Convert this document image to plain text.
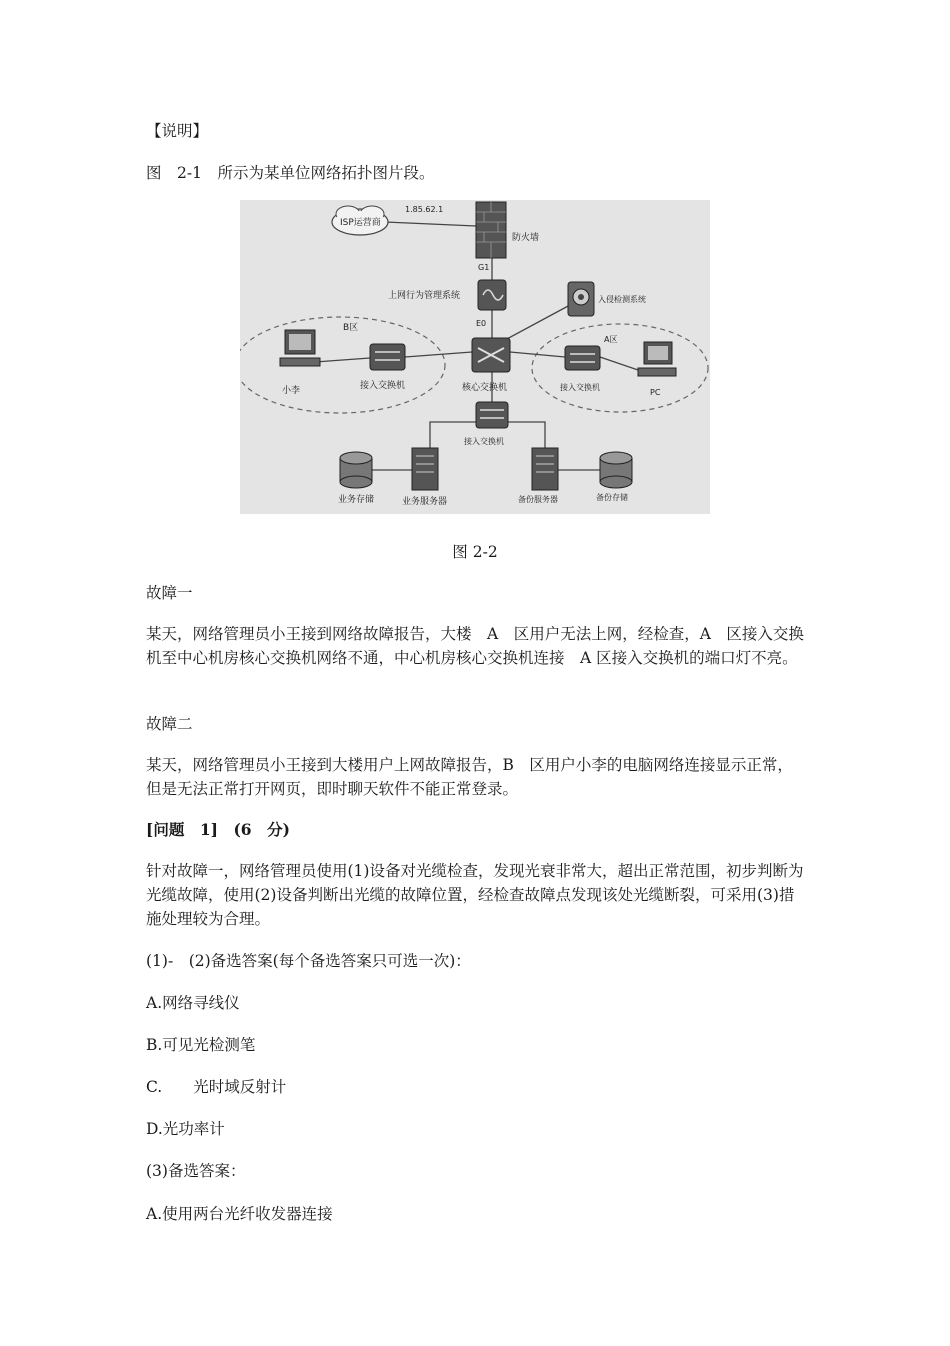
【说明】
图　2-1　所示为某单位网络拓扑图片段。
ISP运营商
1.85.62.1
防火墙
G1
上网行为管理系统
E0
入侵检测系统
核心交换机
B区
小李	接入交换机
A区
接入交换机
PC
接入交换机
业务存储	业务服务器	备份服务器	备份存储
图 2-2
故障一
某天，网络管理员小王接到网络故障报告，大楼　A　区用户无法上网，经检查，A　区接入交换机至中心机房核心交换机网络不通，中心机房核心交换机连接　A 区接入交换机的端口灯不亮。
故障二
某天，网络管理员小王接到大楼用户上网故障报告，B　区用户小李的电脑网络连接显示正常，但是无法正常打开网页，即时聊天软件不能正常登录。
[问题　1]　(6　分)
针对故障一，网络管理员使用(1)设备对光缆检查，发现光衰非常大，超出正常范围，初步判断为光缆故障，使用(2)设备判断出光缆的故障位置，经检查故障点发现该处光缆断裂，可采用(3)措施处理较为合理。
(1)-　(2)备选答案(每个备选答案只可选一次)：
A.网络寻线仪
B.可见光检测笔
C.　　光时域反射计
D.光功率计
(3)备选答案：
A.使用两台光纤收发器连接
